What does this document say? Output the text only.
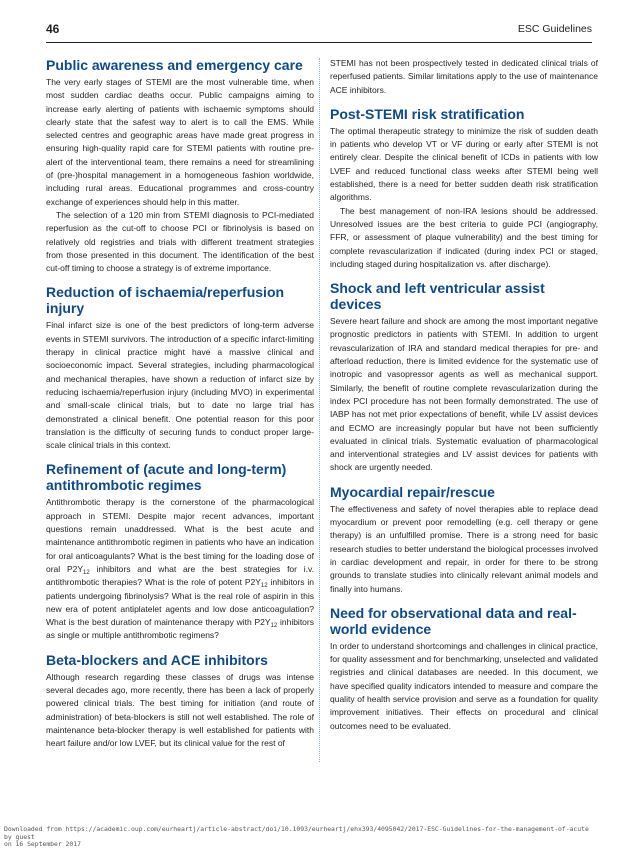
46	ESC Guidelines
Public awareness and emergency care

The very early stages of STEMI are the most vulnerable time, when most sudden cardiac deaths occur. Public campaigns aiming to increase early alerting of patients with ischaemic symptoms should clearly state that the safest way to alert is to call the EMS. While selected centres and geographic areas have made great progress in ensuring high-quality rapid care for STEMI patients with routine pre-alert of the interventional team, there remains a need for streamlining of (pre-)hospital management in a homogeneous fashion worldwide, including rural areas. Educational programmes and cross-country exchange of experiences should help in this matter.

The selection of a 120 min from STEMI diagnosis to PCI-mediated reperfusion as the cut-off to choose PCI or fibrinolysis is based on relatively old registries and trials with different treatment strategies from those presented in this document. The identification of the best cut-off timing to choose a strategy is of extreme importance.

Reduction of ischaemia/reperfusion injury

Final infarct size is one of the best predictors of long-term adverse events in STEMI survivors. The introduction of a specific infarct-limiting therapy in clinical practice might have a massive clinical and socioeconomic impact. Several strategies, including pharmacological and mechanical therapies, have shown a reduction of infarct size by reducing ischaemia/reperfusion injury (including MVO) in experimental and small-scale clinical trials, but to date no large trial has demonstrated a clinical benefit. One potential reason for this poor translation is the difficulty of securing funds to conduct proper large-scale clinical trials in this context.

Refinement of (acute and long-term) antithrombotic regimes

Antithrombotic therapy is the cornerstone of the pharmacological approach in STEMI. Despite major recent advances, important questions remain unaddressed. What is the best acute and maintenance antithrombotic regimen in patients who have an indication for oral anticoagulants? What is the best timing for the loading dose of oral $P2Y_{12}$ inhibitors and what are the best strategies for i.v. antithrombotic therapies? What is the role of potent $P2Y_{12}$ inhibitors in patients undergoing fibrinolysis? What is the real role of aspirin in this new era of potent antiplatelet agents and low dose anticoagulation? What is the best duration of maintenance therapy with $P2Y_{12}$ inhibitors as single or multiple antithrombotic regimens?

Beta-blockers and ACE inhibitors

Although research regarding these classes of drugs was intense several decades ago, more recently, there has been a lack of properly powered clinical trials. The best timing for initiation (and route of administration) of beta-blockers is still not well established. The role of maintenance beta-blocker therapy is well established for patients with heart failure and/or low LVEF, but its clinical value for the rest of

STEMI has not been prospectively tested in dedicated clinical trials of reperfused patients. Similar limitations apply to the use of maintenance ACE inhibitors.

Post-STEMI risk stratification

The optimal therapeutic strategy to minimize the risk of sudden death in patients who develop VT or VF during or early after STEMI is not entirely clear. Despite the clinical benefit of ICDs in patients with low LVEF and reduced functional class weeks after STEMI being well established, there is a need for better sudden death risk stratification algorithms.

The best management of non-IRA lesions should be addressed. Unresolved issues are the best criteria to guide PCI (angiography, FFR, or assessment of plaque vulnerability) and the best timing for complete revascularization if indicated (during index PCI or staged, including staged during hospitalization vs. after discharge).

Shock and left ventricular assist devices

Severe heart failure and shock are among the most important negative prognostic predictors in patients with STEMI. In addition to urgent revascularization of IRA and standard medical therapies for pre- and afterload reduction, there is limited evidence for the systematic use of inotropic and vasopressor agents as well as mechanical support. Similarly, the benefit of routine complete revascularization during the index PCI procedure has not been formally demonstrated. The use of IABP has not met prior expectations of benefit, while LV assist devices and ECMO are increasingly popular but have not been sufficiently evaluated in clinical trials. Systematic evaluation of pharmacological and interventional strategies and LV assist devices for patients with shock are urgently needed.

Myocardial repair/rescue

The effectiveness and safety of novel therapies able to replace dead myocardium or prevent poor remodelling (e.g. cell therapy or gene therapy) is an unfulfilled promise. There is a strong need for basic research studies to better understand the biological processes involved in cardiac development and repair, in order for there to be strong grounds to translate studies into clinically relevant animal models and finally into humans.

Need for observational data and real-world evidence

In order to understand shortcomings and challenges in clinical practice, for quality assessment and for benchmarking, unselected and validated registries and clinical databases are needed. In this document, we have specified quality indicators intended to measure and compare the quality of health service provision and serve as a foundation for quality improvement initiatives. Their effects on procedural and clinical outcomes need to be evaluated.

Downloaded from https://academic.oup.com/eurheartj/article-abstract/doi/10.1093/eurheartj/ehx393/4095042/2017-ESC-Guidelines-for-the-management-of-acute
by guest
on 16 September 2017
